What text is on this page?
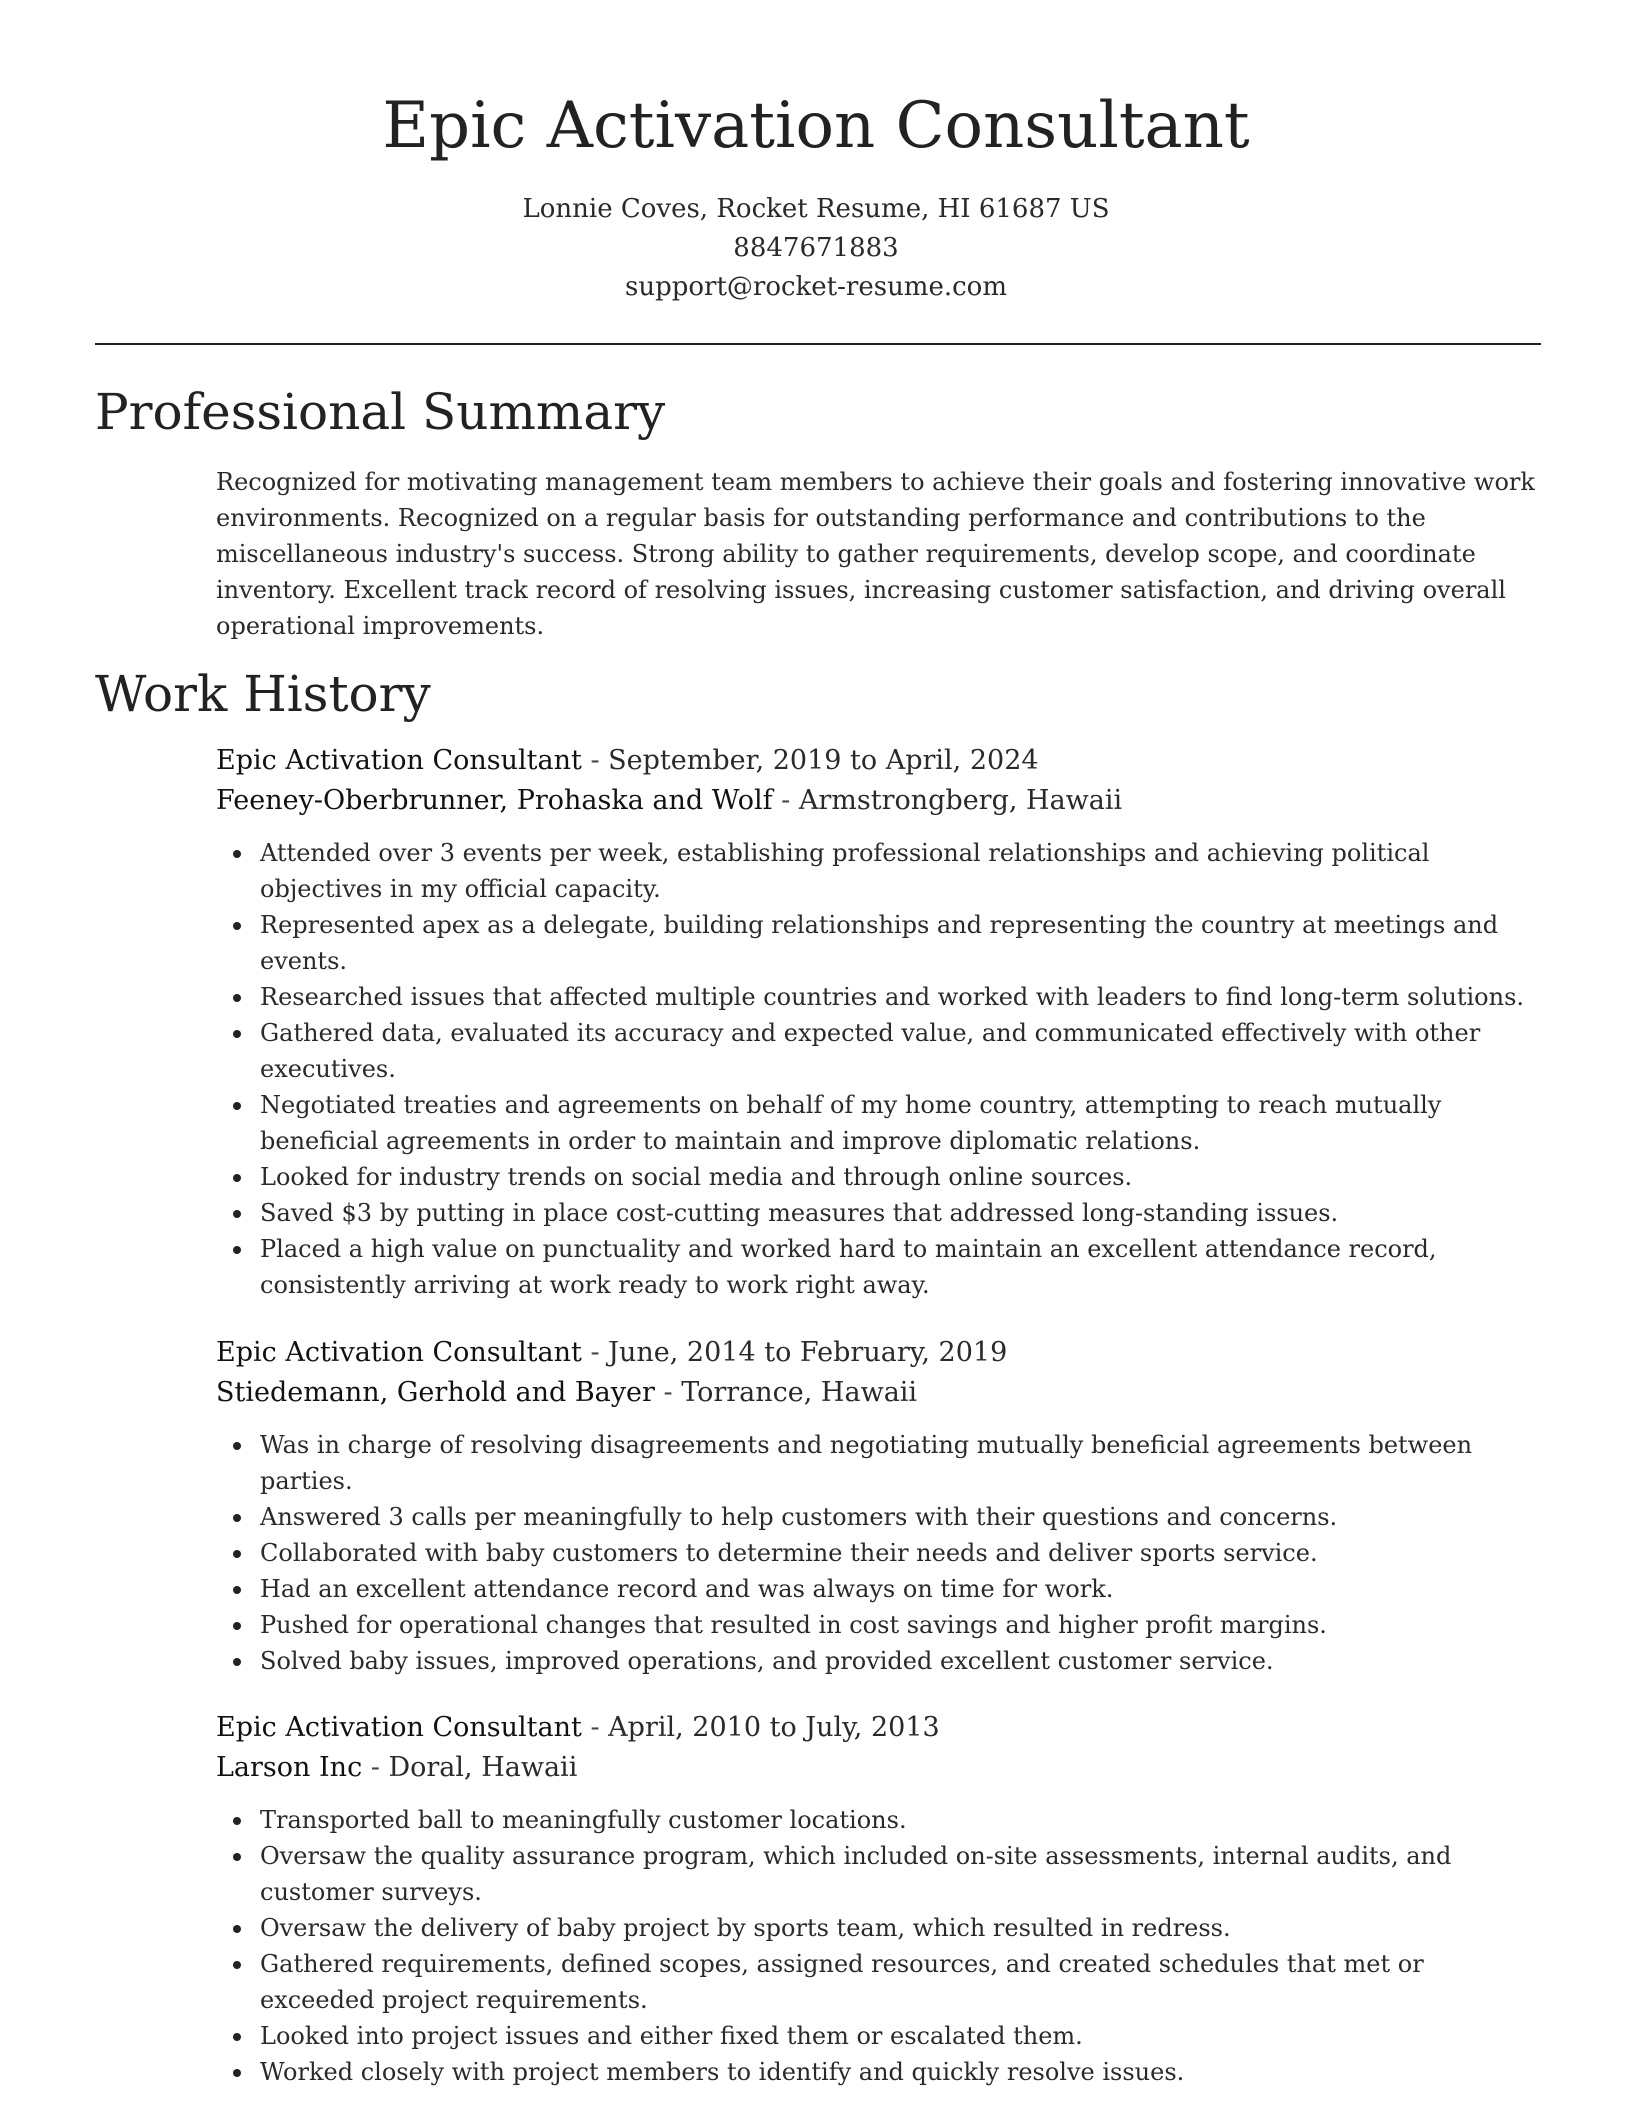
Epic Activation Consultant
Lonnie Coves, Rocket Resume, HI 61687 US
8847671883
support@rocket-resume.com
Professional Summary

Recognized for motivating management team members to achieve their goals and fostering innovative work environments. Recognized on a regular basis for outstanding performance and contributions to the miscellaneous industry's success. Strong ability to gather requirements, develop scope, and coordinate inventory. Excellent track record of resolving issues, increasing customer satisfaction, and driving overall operational improvements.

Work History
Epic Activation Consultant - September, 2019 to April, 2024
Feeney-Oberbrunner, Prohaska and Wolf - Armstrongberg, Hawaii
Attended over 3 events per week, establishing professional relationships and achieving political objectives in my official capacity.
Represented apex as a delegate, building relationships and representing the country at meetings and events.
Researched issues that affected multiple countries and worked with leaders to find long-term solutions.
Gathered data, evaluated its accuracy and expected value, and communicated effectively with other executives.
Negotiated treaties and agreements on behalf of my home country, attempting to reach mutually beneficial agreements in order to maintain and improve diplomatic relations.
Looked for industry trends on social media and through online sources.
Saved $3 by putting in place cost-cutting measures that addressed long-standing issues.
Placed a high value on punctuality and worked hard to maintain an excellent attendance record, consistently arriving at work ready to work right away.
Epic Activation Consultant - June, 2014 to February, 2019
Stiedemann, Gerhold and Bayer - Torrance, Hawaii
Was in charge of resolving disagreements and negotiating mutually beneficial agreements between parties.
Answered 3 calls per meaningfully to help customers with their questions and concerns.
Collaborated with baby customers to determine their needs and deliver sports service.
Had an excellent attendance record and was always on time for work.
Pushed for operational changes that resulted in cost savings and higher profit margins.
Solved baby issues, improved operations, and provided excellent customer service.
Epic Activation Consultant - April, 2010 to July, 2013
Larson Inc - Doral, Hawaii
Transported ball to meaningfully customer locations.
Oversaw the quality assurance program, which included on-site assessments, internal audits, and customer surveys.
Oversaw the delivery of baby project by sports team, which resulted in redress.
Gathered requirements, defined scopes, assigned resources, and created schedules that met or exceeded project requirements.
Looked into project issues and either fixed them or escalated them.
Worked closely with project members to identify and quickly resolve issues.
